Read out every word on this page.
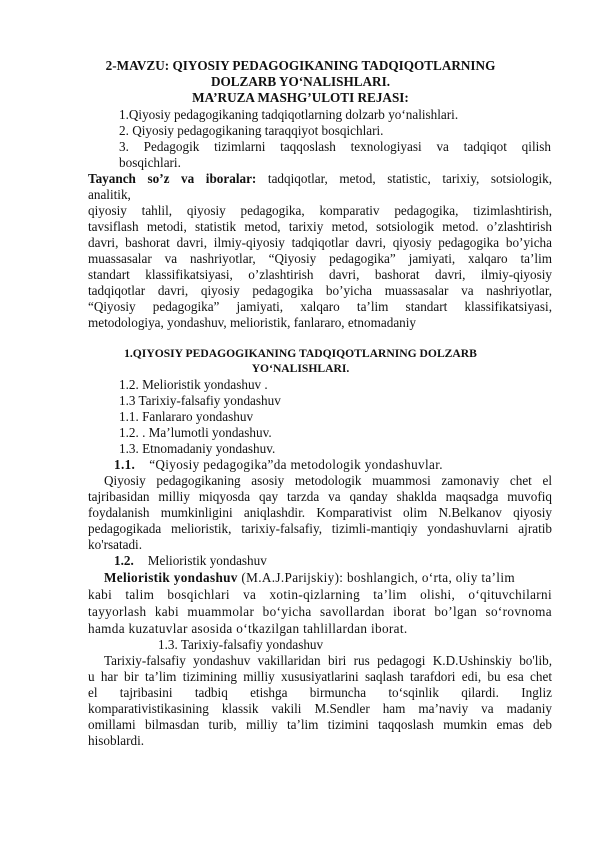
2-MAVZU: QIYOSIY PEDAGOGIKANING TADQIQOTLARNING
DOLZARB YO‘NALISHLARI.
MA’RUZA MASHG’ULOTI REJASI:
1.Qiyosiy pedagogikaning tadqiqotlarning dolzarb yo‘nalishlari.
2. Qiyosiy pedagogikaning taraqqiyot bosqichlari.
3. Pedagogik tizimlarni taqqoslash texnologiyasi va tadqiqot qilish
bosqichlari.
Tayanch so’z va iboralar: tadqiqotlar, metod, statistic, tarixiy, sotsiologik,
analitik,
qiyosiy tahlil, qiyosiy pedagogika, komparativ pedagogika, tizimlashtirish,
tavsiflash metodi, statistik metod, tarixiy metod, sotsiologik metod. o’zlashtirish
davri, bashorat davri, ilmiy-qiyosiy tadqiqotlar davri, qiyosiy pedagogika bo’yicha
muassasalar va nashriyotlar, “Qiyosiy pedagogika” jamiyati, xalqaro ta’lim
standart klassifikatsiyasi, o’zlashtirish davri, bashorat davri, ilmiy-qiyosiy
tadqiqotlar davri, qiyosiy pedagogika bo’yicha muassasalar va nashriyotlar,
“Qiyosiy pedagogika” jamiyati, xalqaro ta’lim standart klassifikatsiyasi,
metodologiya, yondashuv, melioristik, fanlararo, etnomadaniy
1.QIYOSIY PEDAGOGIKANING TADQIQOTLARNING DOLZARB
YO‘NALISHLARI.
1.2. Melioristik yondashuv .
1.3 Tarixiy-falsafiy yondashuv
1.1. Fanlararo yondashuv
1.2. . Ma’lumotli yondashuv.
1.3. Etnomadaniy yondashuv.
1.1. “Qiyosiy pedagogika”da metodologik yondashuvlar.
Qiyosiy pedagogikaning asosiy metodologik muammosi zamonaviy chet el
tajribasidan milliy miqyosda qay tarzda va qanday shaklda maqsadga muvofiq
foydalanish mumkinligini aniqlashdir. Komparativist olim N.Belkanov qiyosiy
pedagogikada melioristik, tarixiy-falsafiy, tizimli-mantiqiy yondashuvlarni ajratib
ko'rsatadi.
1.2. Melioristik yondashuv
Melioristik yondashuv (M.A.J.Parijskiy): boshlangich, o‘rta, oliy ta’lim
kabi talim bosqichlari va xotin-qizlarning ta’lim olishi, o‘qituvchilarni
tayyorlash kabi muammolar bo‘yicha savollardan iborat bo’lgan so‘rovnoma
hamda kuzatuvlar asosida o‘tkazilgan tahlillardan iborat.
1.3. Tarixiy-falsafiy yondashuv
Tarixiy-falsafiy yondashuv vakillaridan biri rus pedagogi K.D.Ushinskiy bo'lib,
u har bir ta’lim tizimining milliy xususiyatlarini saqlash tarafdori edi, bu esa chet
el tajribasini tadbiq etishga birmuncha to‘sqinlik qilardi. Ingliz
komparativistikasining klassik vakili M.Sendler ham ma’naviy va madaniy
omillami bilmasdan turib, milliy ta’lim tizimini taqqoslash mumkin emas deb
hisoblardi.
